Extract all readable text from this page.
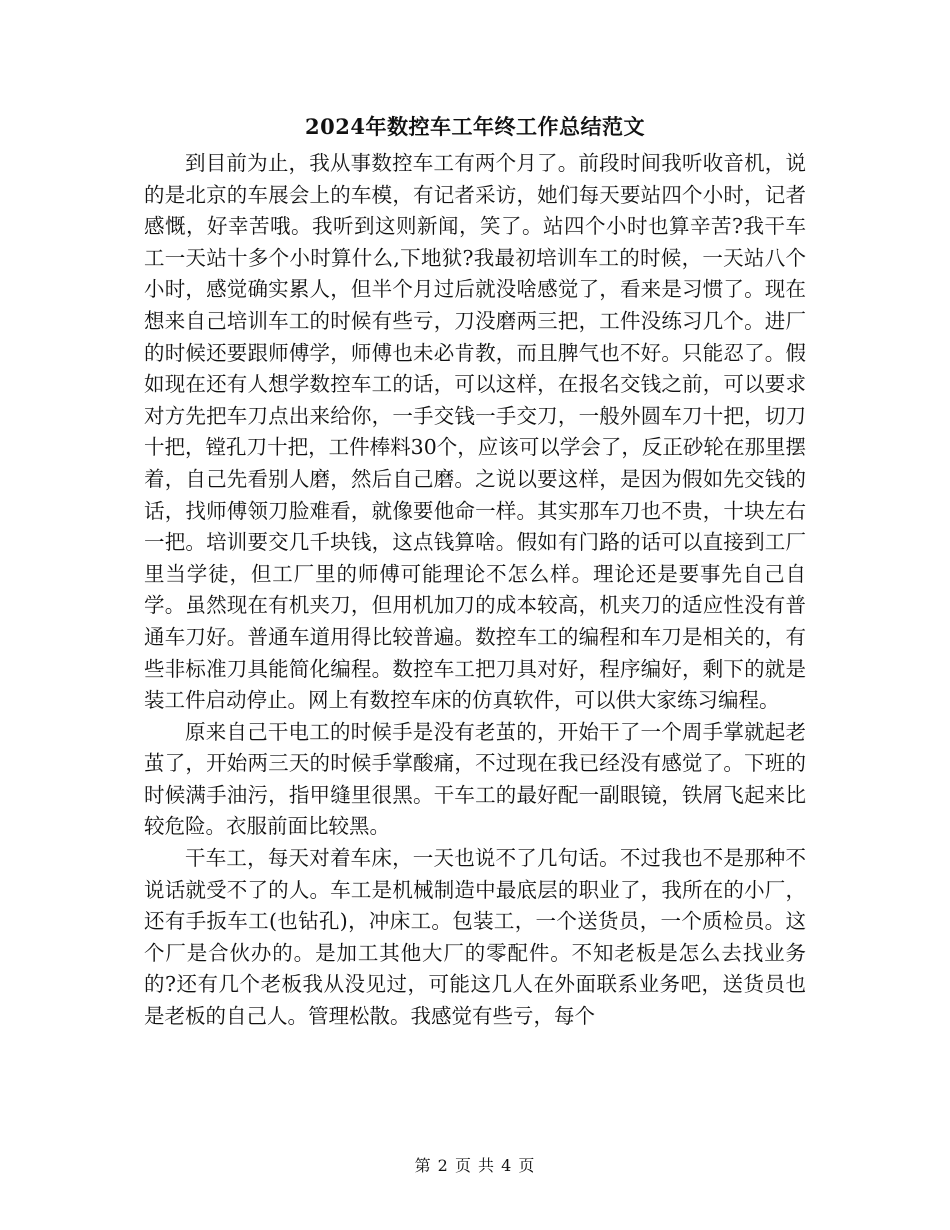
2024年数控车工年终工作总结范文

到目前为止，我从事数控车工有两个月了。前段时间我听收音机，说的是北京的车展会上的车模，有记者采访，她们每天要站四个小时，记者感慨，好幸苦哦。我听到这则新闻，笑了。站四个小时也算辛苦?我干车工一天站十多个小时算什么,下地狱?我最初培训车工的时候，一天站八个小时，感觉确实累人，但半个月过后就没啥感觉了，看来是习惯了。现在想来自己培训车工的时候有些亏，刀没磨两三把，工件没练习几个。进厂的时候还要跟师傅学，师傅也未必肯教，而且脾气也不好。只能忍了。假如现在还有人想学数控车工的话，可以这样，在报名交钱之前，可以要求对方先把车刀点出来给你，一手交钱一手交刀，一般外圆车刀十把，切刀十把，镗孔刀十把，工件棒料30个，应该可以学会了，反正砂轮在那里摆着，自己先看别人磨，然后自己磨。之说以要这样，是因为假如先交钱的话，找师傅领刀脸难看，就像要他命一样。其实那车刀也不贵，十块左右一把。培训要交几千块钱，这点钱算啥。假如有门路的话可以直接到工厂里当学徒，但工厂里的师傅可能理论不怎么样。理论还是要事先自己自学。虽然现在有机夹刀，但用机加刀的成本较高，机夹刀的适应性没有普通车刀好。普通车道用得比较普遍。数控车工的编程和车刀是相关的，有些非标准刀具能简化编程。数控车工把刀具对好，程序编好，剩下的就是装工件启动停止。网上有数控车床的仿真软件，可以供大家练习编程。

原来自己干电工的时候手是没有老茧的，开始干了一个周手掌就起老茧了，开始两三天的时候手掌酸痛，不过现在我已经没有感觉了。下班的时候满手油污，指甲缝里很黑。干车工的最好配一副眼镜，铁屑飞起来比较危险。衣服前面比较黑。

干车工，每天对着车床，一天也说不了几句话。不过我也不是那种不说话就受不了的人。车工是机械制造中最底层的职业了，我所在的小厂，还有手扳车工(也钻孔)，冲床工。包装工，一个送货员，一个质检员。这个厂是合伙办的。是加工其他大厂的零配件。不知老板是怎么去找业务的?还有几个老板我从没见过，可能这几人在外面联系业务吧，送货员也是老板的自己人。管理松散。我感觉有些亏，每个

第 2 页 共 4 页
